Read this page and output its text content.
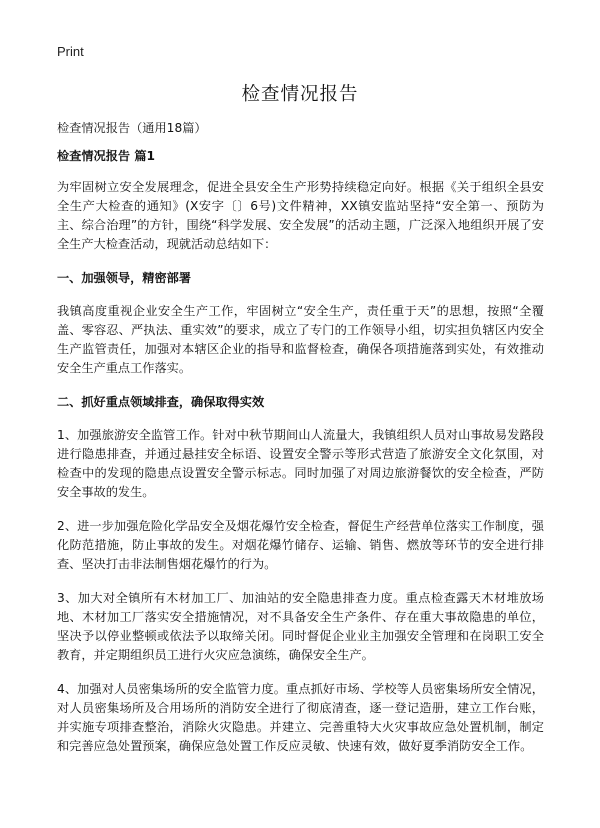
Print
检查情况报告

检查情况报告（通用18篇）

检查情况报告 篇1

为牢固树立安全发展理念，促进全县安全生产形势持续稳定向好。根据《关于组织全县安全生产大检查的通知》(X安字〔〕6号)文件精神，XX镇安监站坚持“安全第一、预防为主、综合治理”的方针，围绕“科学发展、安全发展”的活动主题，广泛深入地组织开展了安全生产大检查活动，现就活动总结如下：

一、加强领导，精密部署

我镇高度重视企业安全生产工作，牢固树立“安全生产，责任重于天”的思想，按照“全覆盖、零容忍、严执法、重实效”的要求，成立了专门的工作领导小组，切实担负辖区内安全生产监管责任，加强对本辖区企业的指导和监督检查，确保各项措施落到实处，有效推动安全生产重点工作落实。

二、抓好重点领域排查，确保取得实效

1、加强旅游安全监管工作。针对中秋节期间山人流量大，我镇组织人员对山事故易发路段进行隐患排查，并通过悬挂安全标语、设置安全警示等形式营造了旅游安全文化氛围，对检查中的发现的隐患点设置安全警示标志。同时加强了对周边旅游餐饮的安全检查，严防安全事故的发生。

2、进一步加强危险化学品安全及烟花爆竹安全检查，督促生产经营单位落实工作制度，强化防范措施，防止事故的发生。对烟花爆竹储存、运输、销售、燃放等环节的安全进行排查、坚决打击非法制售烟花爆竹的行为。

3、加大对全镇所有木材加工厂、加油站的安全隐患排查力度。重点检查露天木材堆放场地、木材加工厂落实安全措施情况，对不具备安全生产条件、存在重大事故隐患的单位，坚决予以停业整顿或依法予以取缔关闭。同时督促企业业主加强安全管理和在岗职工安全教育，并定期组织员工进行火灾应急演练，确保安全生产。

4、加强对人员密集场所的安全监管力度。重点抓好市场、学校等人员密集场所安全情况，对人员密集场所及合用场所的消防安全进行了彻底清查，逐一登记造册，建立工作台账，并实施专项排查整治，消除火灾隐患。并建立、完善重特大火灾事故应急处置机制，制定和完善应急处置预案，确保应急处置工作反应灵敏、快速有效，做好夏季消防安全工作。
